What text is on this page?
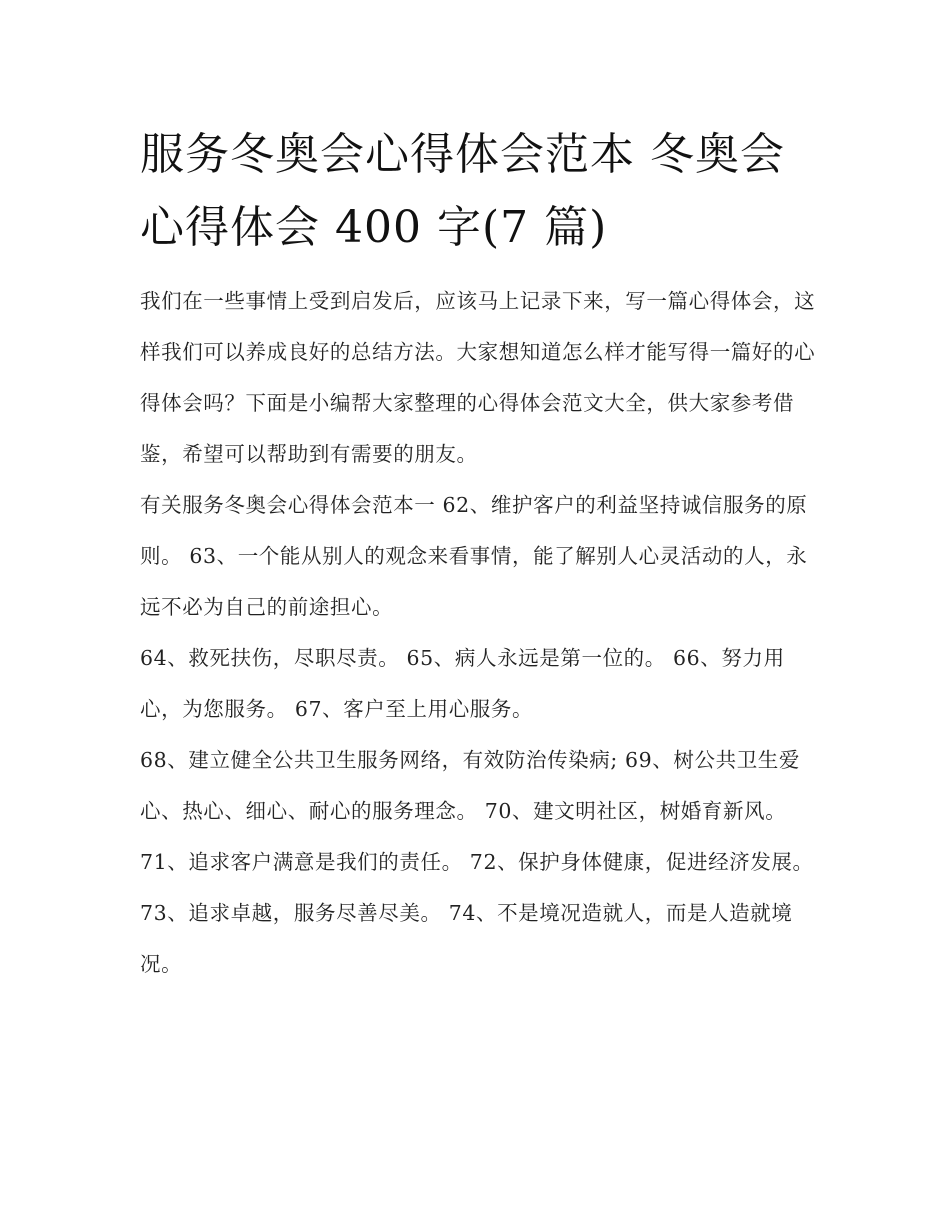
服务冬奥会心得体会范本 冬奥会心得体会 400 字(7 篇)

我们在一些事情上受到启发后，应该马上记录下来，写一篇心得体会，这样我们可以养成良好的总结方法。大家想知道怎么样才能写得一篇好的心得体会吗？下面是小编帮大家整理的心得体会范文大全，供大家参考借鉴，希望可以帮助到有需要的朋友。

有关服务冬奥会心得体会范本一 62、维护客户的利益坚持诚信服务的原则。 63、一个能从别人的观念来看事情，能了解别人心灵活动的人，永远不必为自己的前途担心。

64、救死扶伤，尽职尽责。 65、病人永远是第一位的。 66、努力用心，为您服务。 67、客户至上用心服务。

68、建立健全公共卫生服务网络，有效防治传染病; 69、树公共卫生爱心、热心、细心、耐心的服务理念。 70、建文明社区，树婚育新风。

71、追求客户满意是我们的责任。 72、保护身体健康，促进经济发展。 73、追求卓越，服务尽善尽美。 74、不是境况造就人，而是人造就境况。
